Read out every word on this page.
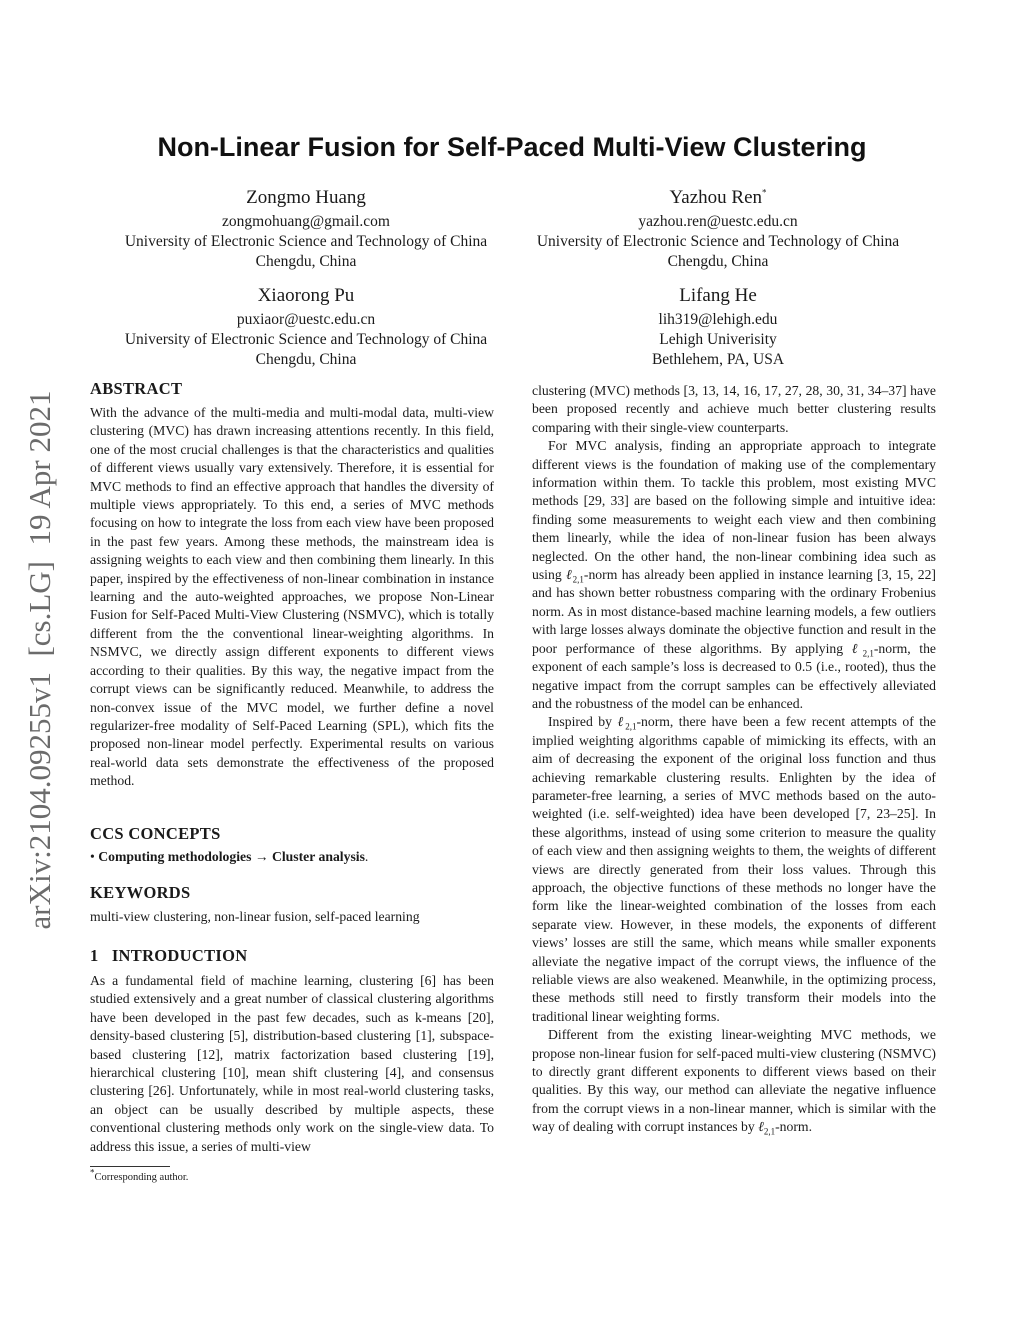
arXiv:2104.09255v1  [cs.LG]  19 Apr 2021
Non-Linear Fusion for Self-Paced Multi-View Clustering
Zongmo Huang
zongmohuang@gmail.com
University of Electronic Science and Technology of China
Chengdu, China
Yazhou Ren*
yazhou.ren@uestc.edu.cn
University of Electronic Science and Technology of China
Chengdu, China
Xiaorong Pu
puxiaor@uestc.edu.cn
University of Electronic Science and Technology of China
Chengdu, China
Lifang He
lih319@lehigh.edu
Lehigh Univerisity
Bethlehem, PA, USA
ABSTRACT

With the advance of the multi-media and multi-modal data, multi-view clustering (MVC) has drawn increasing attentions recently. In this field, one of the most crucial challenges is that the characteristics and qualities of different views usually vary extensively. Therefore, it is essential for MVC methods to find an effective approach that handles the diversity of multiple views appropriately. To this end, a series of MVC methods focusing on how to integrate the loss from each view have been proposed in the past few years. Among these methods, the mainstream idea is assigning weights to each view and then combining them linearly. In this paper, inspired by the effectiveness of non-linear combination in instance learning and the auto-weighted approaches, we propose Non-Linear Fusion for Self-Paced Multi-View Clustering (NSMVC), which is totally different from the the conventional linear-weighting algorithms. In NSMVC, we directly assign different exponents to different views according to their qualities. By this way, the negative impact from the corrupt views can be significantly reduced. Meanwhile, to address the non-convex issue of the MVC model, we further define a novel regularizer-free modality of Self-Paced Learning (SPL), which fits the proposed non-linear model perfectly. Experimental results on various real-world data sets demonstrate the effectiveness of the proposed method.

CCS CONCEPTS

• Computing methodologies → Cluster analysis.

KEYWORDS

multi-view clustering, non-linear fusion, self-paced learning

1   INTRODUCTION

As a fundamental field of machine learning, clustering [6] has been studied extensively and a great number of classical clustering algorithms have been developed in the past few decades, such as k-means [20], density-based clustering [5], distribution-based clustering [1], subspace-based clustering [12], matrix factorization based clustering [19], hierarchical clustering [10], mean shift clustering [4], and consensus clustering [26]. Unfortunately, while in most real-world clustering tasks, an object can be usually described by multiple aspects, these conventional clustering methods only work on the single-view data. To address this issue, a series of multi-view

*Corresponding author.

clustering (MVC) methods [3, 13, 14, 16, 17, 27, 28, 30, 31, 34–37] have been proposed recently and achieve much better clustering results comparing with their single-view counterparts.

For MVC analysis, finding an appropriate approach to integrate different views is the foundation of making use of the complementary information within them. To tackle this problem, most existing MVC methods [29, 33] are based on the following simple and intuitive idea: finding some measurements to weight each view and then combining them linearly, while the idea of non-linear fusion has been always neglected. On the other hand, the non-linear combining idea such as using ℓ$_{2,1}$-norm has already been applied in instance learning [3, 15, 22] and has shown better robustness comparing with the ordinary Frobenius norm. As in most distance-based machine learning models, a few outliers with large losses always dominate the objective function and result in the poor performance of these algorithms. By applying ℓ$_{2,1}$-norm, the exponent of each sample’s loss is decreased to 0.5 (i.e., rooted), thus the negative impact from the corrupt samples can be effectively alleviated and the robustness of the model can be enhanced.

Inspired by ℓ$_{2,1}$-norm, there have been a few recent attempts of the implied weighting algorithms capable of mimicking its effects, with an aim of decreasing the exponent of the original loss function and thus achieving remarkable clustering results. Enlighten by the idea of parameter-free learning, a series of MVC methods based on the auto-weighted (i.e. self-weighted) idea have been developed [7, 23–25]. In these algorithms, instead of using some criterion to measure the quality of each view and then assigning weights to them, the weights of different views are directly generated from their loss values. Through this approach, the objective functions of these methods no longer have the form like the linear-weighted combination of the losses from each separate view. However, in these models, the exponents of different views’ losses are still the same, which means while smaller exponents alleviate the negative impact of the corrupt views, the influence of the reliable views are also weakened. Meanwhile, in the optimizing process, these methods still need to firstly transform their models into the traditional linear weighting forms.

Different from the existing linear-weighting MVC methods, we propose non-linear fusion for self-paced multi-view clustering (NSMVC) to directly grant different exponents to different views based on their qualities. By this way, our method can alleviate the negative influence from the corrupt views in a non-linear manner, which is similar with the way of dealing with corrupt instances by ℓ$_{2,1}$-norm.
